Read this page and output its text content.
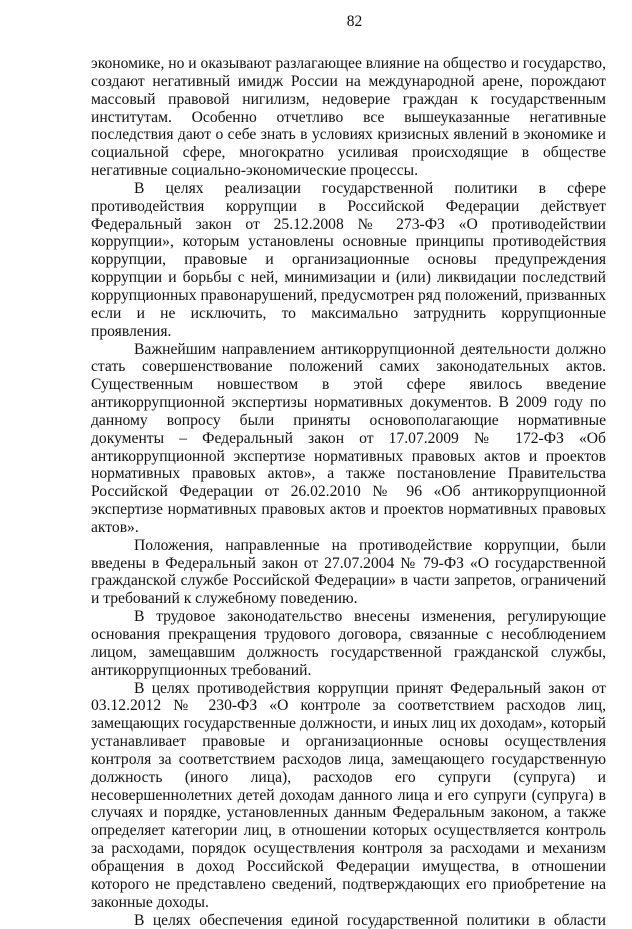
82

экономике, но и оказывают разлагающее влияние на общество и государство, создают негативный имидж России на международной арене, порождают массовый правовой нигилизм, недоверие граждан к государственным институтам. Особенно отчетливо все вышеуказанные негативные последствия дают о себе знать в условиях кризисных явлений в экономике и социальной сфере, многократно усиливая происходящие в обществе негативные социально-экономические процессы.

В целях реализации государственной политики в сфере противодействия коррупции в Российской Федерации действует Федеральный закон от 25.12.2008 № 273-ФЗ «О противодействии коррупции», которым установлены основные принципы противодействия коррупции, правовые и организационные основы предупреждения коррупции и борьбы с ней, минимизации и (или) ликвидации последствий коррупционных правонарушений, предусмотрен ряд положений, призванных если и не исключить, то максимально затруднить коррупционные проявления.

Важнейшим направлением антикоррупционной деятельности должно стать совершенствование положений самих законодательных актов. Существенным новшеством в этой сфере явилось введение антикоррупционной экспертизы нормативных документов. В 2009 году по данному вопросу были приняты основополагающие нормативные документы – Федеральный закон от 17.07.2009 № 172-ФЗ «Об антикоррупционной экспертизе нормативных правовых актов и проектов нормативных правовых актов», а также постановление Правительства Российской Федерации от 26.02.2010 № 96 «Об антикоррупционной экспертизе нормативных правовых актов и проектов нормативных правовых актов».

Положения, направленные на противодействие коррупции, были введены в Федеральный закон от 27.07.2004 № 79-ФЗ «О государственной гражданской службе Российской Федерации» в части запретов, ограничений и требований к служебному поведению.

В трудовое законодательство внесены изменения, регулирующие основания прекращения трудового договора, связанные с несоблюдением лицом, замещавшим должность государственной гражданской службы, антикоррупционных требований.

В целях противодействия коррупции принят Федеральный закон от 03.12.2012 № 230-ФЗ «О контроле за соответствием расходов лиц, замещающих государственные должности, и иных лиц их доходам», который устанавливает правовые и организационные основы осуществления контроля за соответствием расходов лица, замещающего государственную должность (иного лица), расходов его супруги (супруга) и несовершеннолетних детей доходам данного лица и его супруги (супруга) в случаях и порядке, установленных данным Федеральным законом, а также определяет категории лиц, в отношении которых осуществляется контроль за расходами, порядок осуществления контроля за расходами и механизм обращения в доход Российской Федерации имущества, в отношении которого не представлено сведений, подтверждающих его приобретение на законные доходы.

В целях обеспечения единой государственной политики в области
